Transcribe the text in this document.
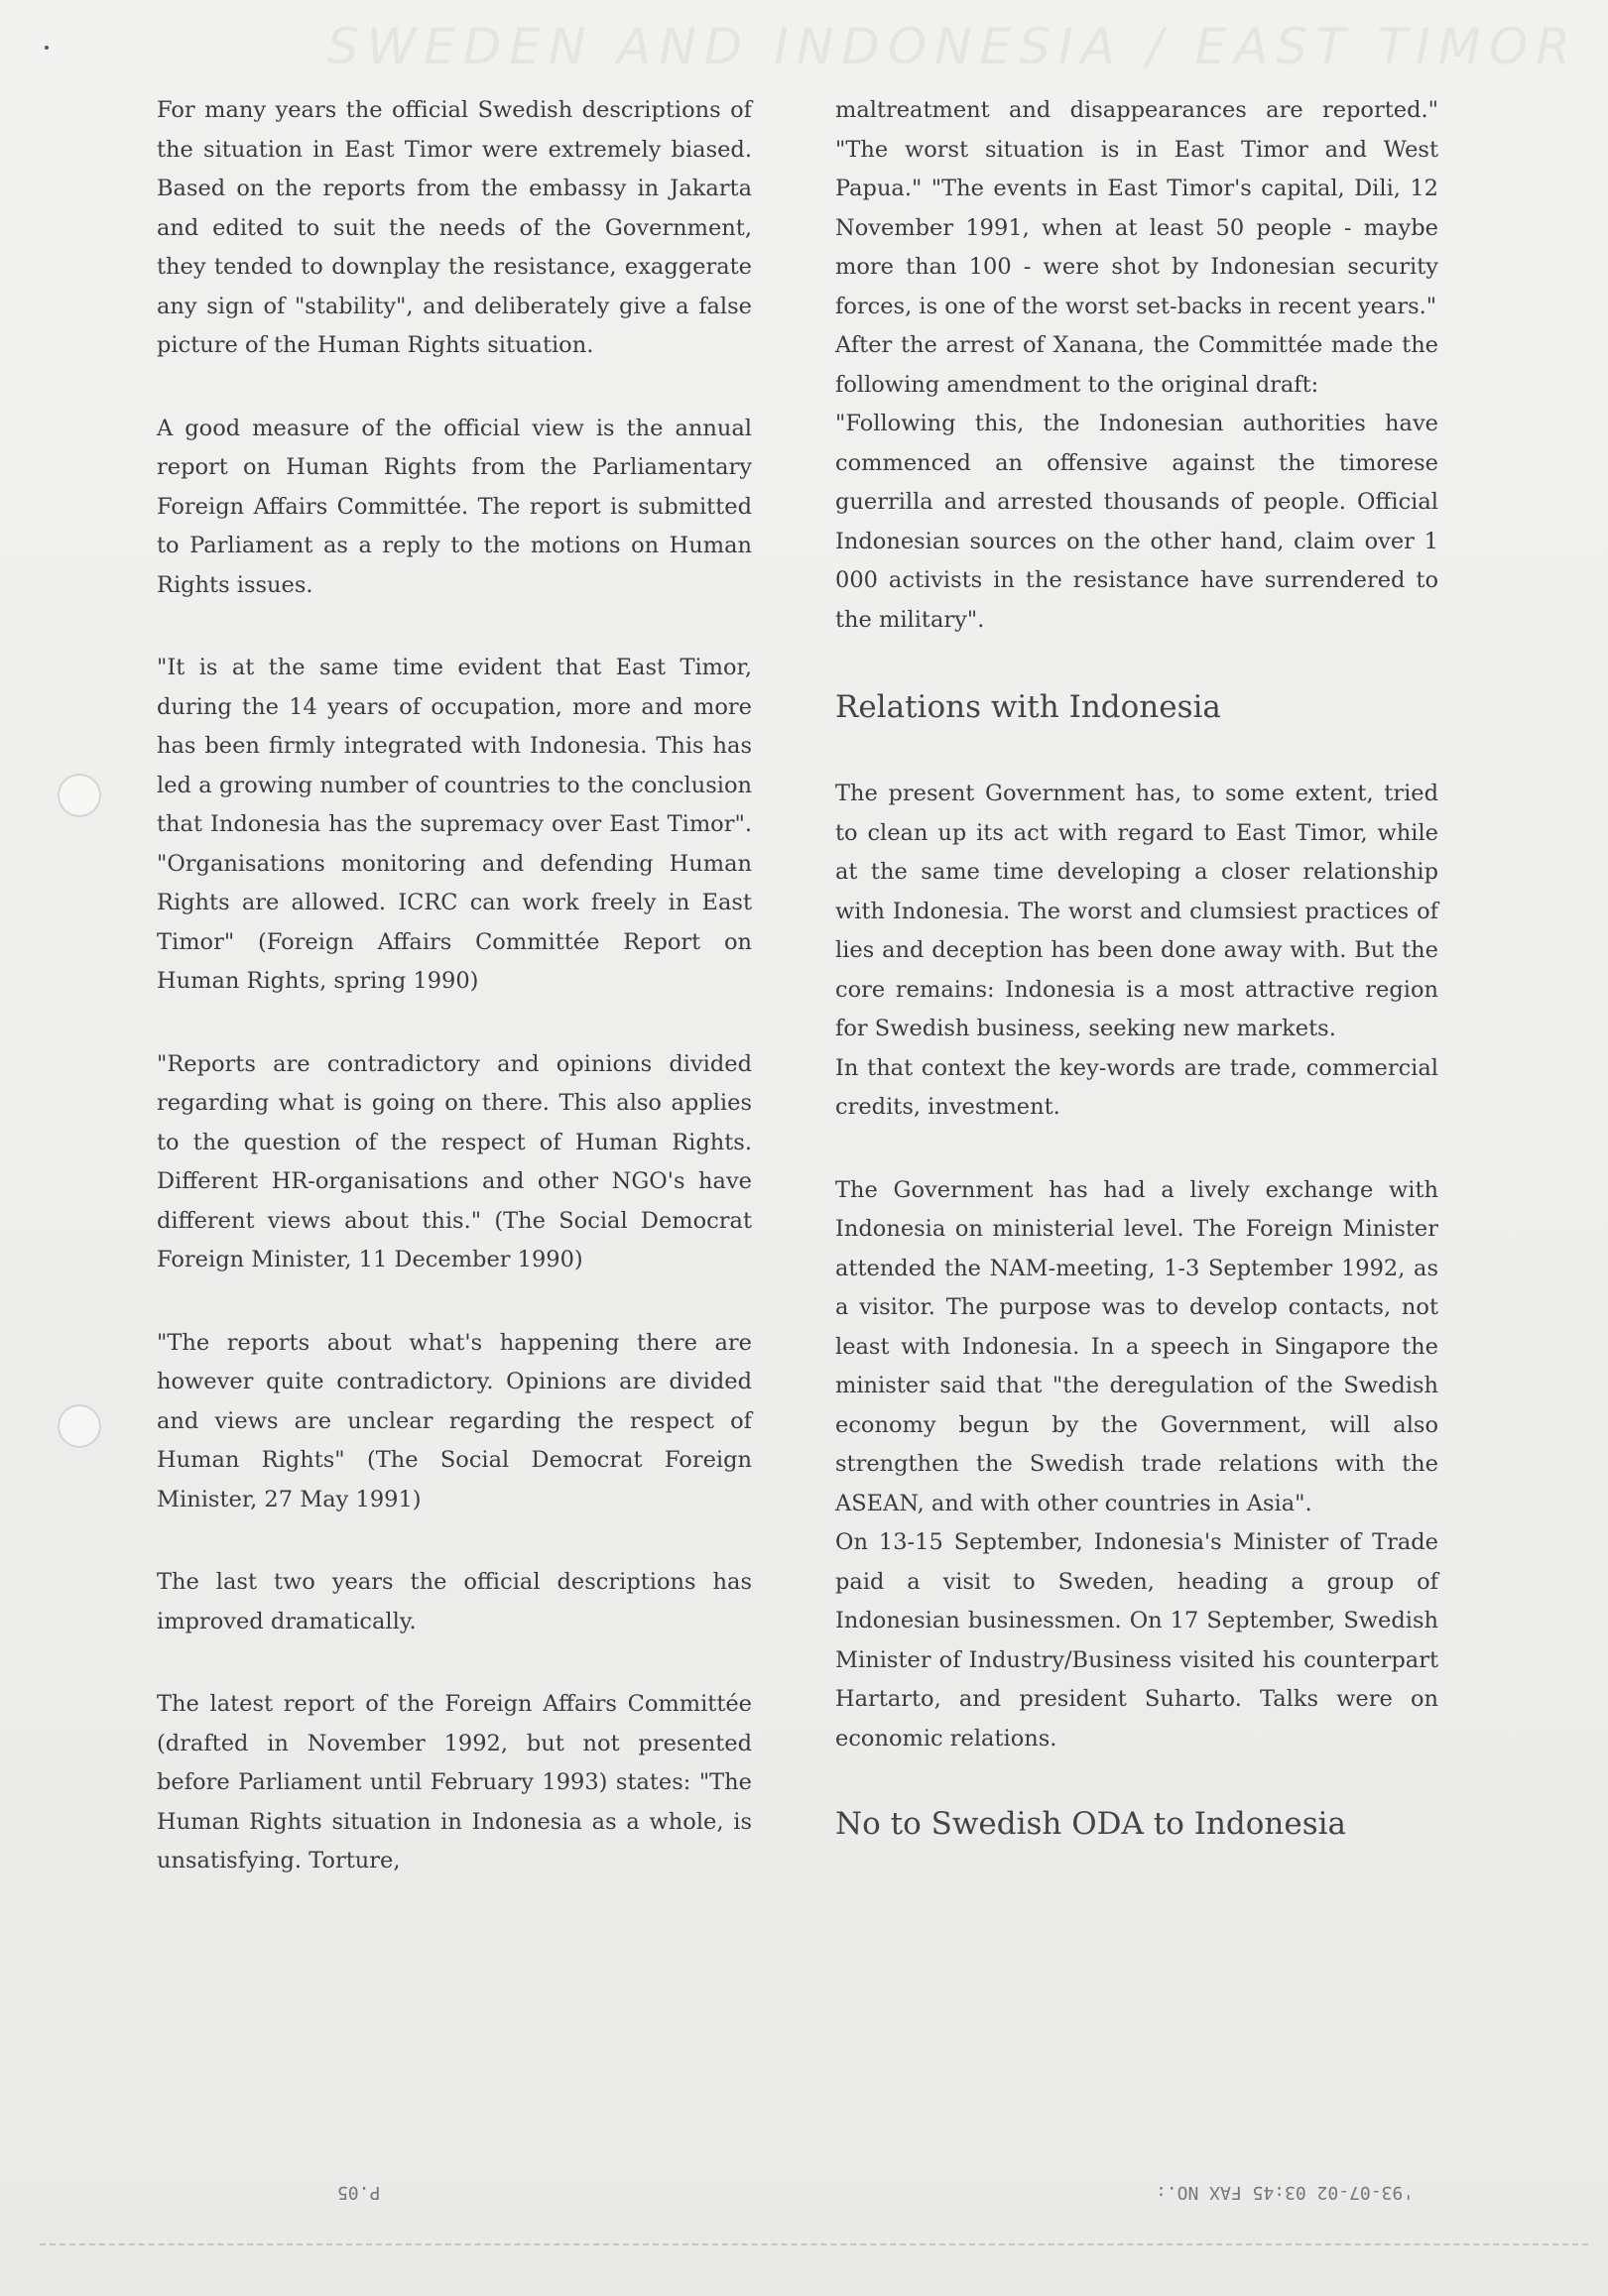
SWEDEN AND INDONESIA / EAST TIMOR

For many years the official Swedish descriptions of the situation in East Timor were extremely biased. Based on the reports from the embassy in Jakarta and edited to suit the needs of the Government, they tended to downplay the resistance, exaggerate any sign of "stability", and deliberately give a false picture of the Human Rights situation.

A good measure of the official view is the annual report on Human Rights from the Parliamentary Foreign Affairs Committée. The report is submitted to Parliament as a reply to the motions on Human Rights issues.

"It is at the same time evident that East Timor, during the 14 years of occupation, more and more has been firmly integrated with Indonesia. This has led a growing number of countries to the conclusion that Indonesia has the supremacy over East Timor". "Organisations monitoring and defending Human Rights are allowed. ICRC can work freely in East Timor" (Foreign Affairs Committée Report on Human Rights, spring 1990)

"Reports are contradictory and opinions divided regarding what is going on there. This also applies to the question of the respect of Human Rights. Different HR-organisations and other NGO's have different views about this." (The Social Democrat Foreign Minister, 11 December 1990)

"The reports about what's happening there are however quite contradictory. Opinions are divided and views are unclear regarding the respect of Human Rights" (The Social Democrat Foreign Minister, 27 May 1991)

The last two years the official descriptions has improved dramatically.

The latest report of the Foreign Affairs Committée (drafted in November 1992, but not presented before Parliament until February 1993) states: "The Human Rights situation in Indonesia as a whole, is unsatisfying. Torture,

maltreatment and disappearances are reported." "The worst situation is in East Timor and West Papua." "The events in East Timor's capital, Dili, 12 November 1991, when at least 50 people - maybe more than 100 - were shot by Indonesian security forces, is one of the worst set-backs in recent years."

After the arrest of Xanana, the Committée made the following amendment to the original draft:

"Following this, the Indonesian authorities have commenced an offensive against the timorese guerrilla and arrested thousands of people. Official Indonesian sources on the other hand, claim over 1 000 activists in the resistance have surrendered to the military".

Relations with Indonesia

The present Government has, to some extent, tried to clean up its act with regard to East Timor, while at the same time developing a closer relationship with Indonesia. The worst and clumsiest practices of lies and deception has been done away with. But the core remains: Indonesia is a most attractive region for Swedish business, seeking new markets.

In that context the key-words are trade, commercial credits, investment.

The Government has had a lively exchange with Indonesia on ministerial level. The Foreign Minister attended the NAM-meeting, 1-3 September 1992, as a visitor. The purpose was to develop contacts, not least with Indonesia. In a speech in Singapore the minister said that "the deregulation of the Swedish economy begun by the Government, will also strengthen the Swedish trade relations with the ASEAN, and with other countries in Asia".

On 13-15 September, Indonesia's Minister of Trade paid a visit to Sweden, heading a group of Indonesian businessmen. On 17 September, Swedish Minister of Industry/Business visited his counterpart Hartarto, and president Suharto. Talks were on economic relations.

No to Swedish ODA to Indonesia
P.05	'93-07-02 03:45 FAX NO.:
